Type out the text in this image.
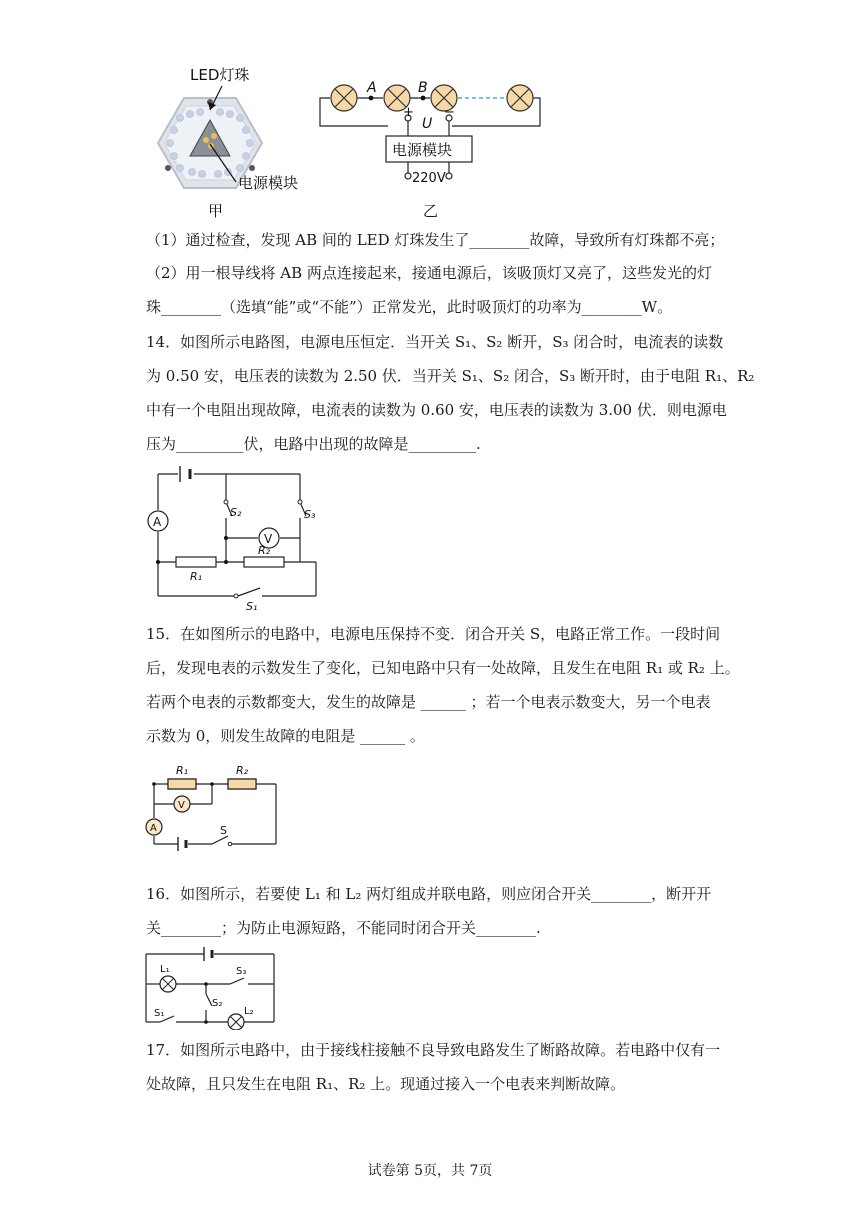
LED灯珠
电源模块
甲
A	B
+
U
−
电源模块
220V
乙
（1）通过检查，发现 AB 间的 LED 灯珠发生了________故障，导致所有灯珠都不亮；
（2）用一根导线将 AB 两点连接起来，接通电源后，该吸顶灯又亮了，这些发光的灯
珠________（选填“能”或“不能”）正常发光，此时吸顶灯的功率为________W。
14．如图所示电路图，电源电压恒定．当开关 S₁、S₂ 断开，S₃ 闭合时，电流表的读数
为 0.50 安，电压表的读数为 2.50 伏．当开关 S₁、S₂ 闭合，S₃ 断开时，由于电阻 R₁、R₂
中有一个电阻出现故障，电流表的读数为 0.60 安，电压表的读数为 3.00 伏．则电源电
压为_________伏，电路中出现的故障是_________.
A
V
S₂	S₃
R₁
R₂
S₁
15．在如图所示的电路中，电源电压保持不变．闭合开关 S，电路正常工作。一段时间
后，发现电表的示数发生了变化，已知电路中只有一处故障，且发生在电阻 R₁ 或 R₂ 上。
若两个电表的示数都变大，发生的故障是 ______ ；若一个电表示数变大，另一个电表
示数为 0，则发生故障的电阻是 ______ 。
R₁	R₂
V
A	S
16．如图所示，若要使 L₁ 和 L₂ 两灯组成并联电路，则应闭合开关________，断开开
关________；为防止电源短路，不能同时闭合开关________.
L₁	S₃
S₂
S₁	L₂
17．如图所示电路中，由于接线柱接触不良导致电路发生了断路故障。若电路中仅有一
处故障，且只发生在电阻 R₁、R₂ 上。现通过接入一个电表来判断故障。
试卷第 5页，共 7页
